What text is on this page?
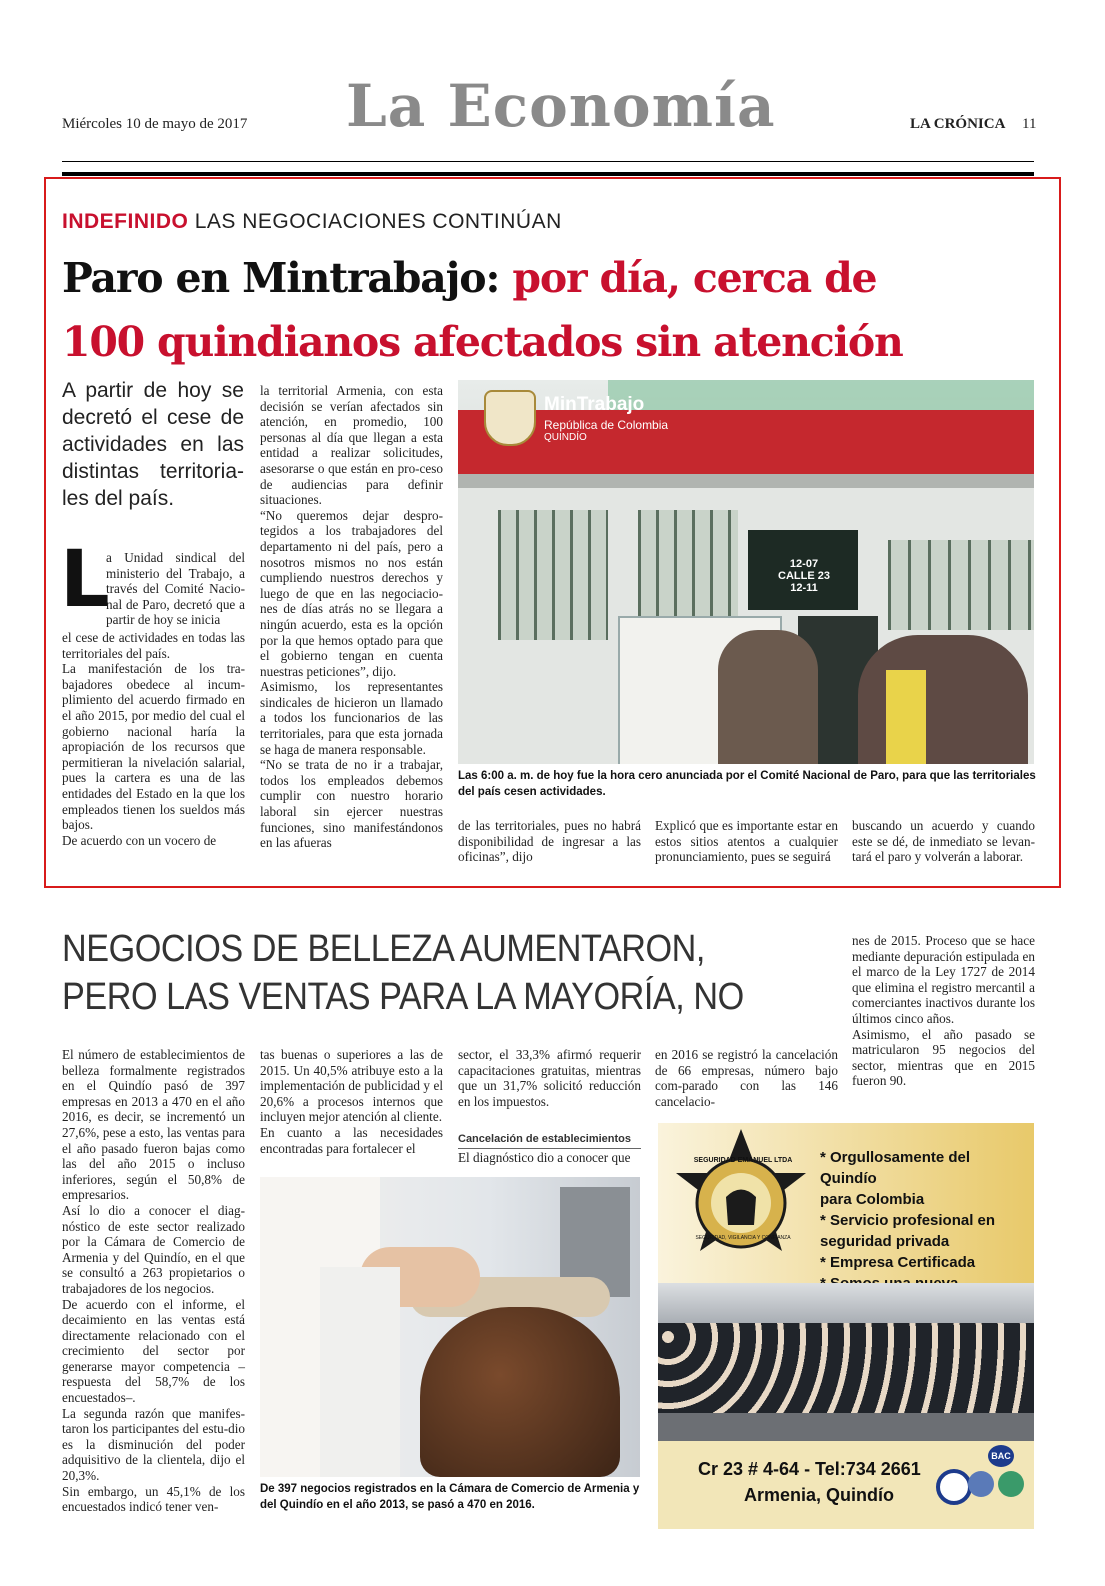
Miércoles 10 de mayo de 2017 La Economía	LA CRÓNICA 11
INDEFINIDO LAS NEGOCIACIONES CONTINÚAN
Paro en Mintrabajo: por día, cerca de
100 quindianos afectados sin atención
A partir de hoy se decretó el cese de actividades en las distintas territoria-les del país.
L
a Unidad sindical del ministerio del Trabajo, a través del Comité Nacio-nal de Paro, decretó que a partir de hoy se inicia
el cese de actividades en todas las territoriales del país.
La manifestación de los tra-bajadores obedece al incum-plimiento del acuerdo firmado en el año 2015, por medio del cual el gobierno nacional haría la apropiación de los recursos que permitieran la nivelación salarial, pues la cartera es una de las entidades del Estado en la que los empleados tienen los sueldos más bajos.
De acuerdo con un vocero de
la territorial Armenia, con esta decisión se verían afectados sin atención, en promedio, 100 personas al día que llegan a esta entidad a realizar solicitudes, asesorarse o que están en pro-ceso de audiencias para definir situaciones.
“No queremos dejar despro-tegidos a los trabajadores del departamento ni del país, pero a nosotros mismos no nos están cumpliendo nuestros derechos y luego de que en las negociacio-nes de días atrás no se llegara a ningún acuerdo, esta es la opción por la que hemos optado para que el gobierno tengan en cuenta nuestras peticiones”, dijo.
Asimismo, los representantes sindicales de hicieron un llamado a todos los funcionarios de las territoriales, para que esta jornada se haga de manera responsable.
“No se trata de no ir a trabajar, todos los empleados debemos cumplir con nuestro horario laboral sin ejercer nuestras funciones, sino manifestándonos en las afueras
MinTrabajo
República de Colombia
QUINDÍO
12-07
CALLE 23
12-11
Las 6:00 a. m. de hoy fue la hora cero anunciada por el Comité Nacional de Paro, para que las territoriales del país cesen actividades.
de las territoriales, pues no habrá disponibilidad de ingresar a las oficinas”, dijo
Explicó que es importante estar en estos sitios atentos a cualquier pronunciamiento, pues se seguirá
buscando un acuerdo y cuando este se dé, de inmediato se levan-tará el paro y volverán a laborar.
NEGOCIOS DE BELLEZA AUMENTARON,
PERO LAS VENTAS PARA LA MAYORÍA, NO
nes de 2015. Proceso que se hace mediante depuración estipulada en el marco de la Ley 1727 de 2014 que elimina el registro mercantil a comerciantes inactivos durante los últimos cinco años.
Asimismo, el año pasado se matricularon 95 negocios del sector, mientras que en 2015 fueron 90.
El número de establecimientos de belleza formalmente registrados en el Quindío pasó de 397 empresas en 2013 a 470 en el año 2016, es decir, se incrementó un 27,6%, pese a esto, las ventas para el año pasado fueron bajas como las del año 2015 o incluso inferiores, según el 50,8% de empresarios.
Así lo dio a conocer el diag-nóstico de este sector realizado por la Cámara de Comercio de Armenia y del Quindío, en el que se consultó a 263 propietarios o trabajadores de los negocios.
De acuerdo con el informe, el decaimiento en las ventas está directamente relacionado con el crecimiento del sector por generarse mayor competencia –respuesta del 58,7% de los encuestados–.
La segunda razón que manifes-taron los participantes del estu-dio es la disminución del poder adquisitivo de la clientela, dijo el 20,3%.
Sin embargo, un 45,1% de los encuestados indicó tener ven-
tas buenas o superiores a las de 2015. Un 40,5% atribuye esto a la implementación de publicidad y el 20,6% a procesos internos que incluyen mejor atención al cliente.
En cuanto a las necesidades encontradas para fortalecer el
sector, el 33,3% afirmó requerir capacitaciones gratuitas, mientras que un 31,7% solicitó reducción en los impuestos.
Cancelación de establecimientos
El diagnóstico dio a conocer que
en 2016 se registró la cancelación de 66 empresas, número bajo com-parado con las 146 cancelacio-
De 397 negocios registrados en la Cámara de Comercio de Armenia y del Quindío en el año 2013, se pasó a 470 en 2016.
SEGURIDAD EMANUEL LTDA
SEGURIDAD, VIGILANCIA Y CONFIANZA
* Orgullosamente del Quindío
para Colombia
* Servicio profesional en
seguridad privada
* Empresa Certificada
Cr 23 # 4-64 - Tel:734 2661
Armenia, Quindío
BAC
